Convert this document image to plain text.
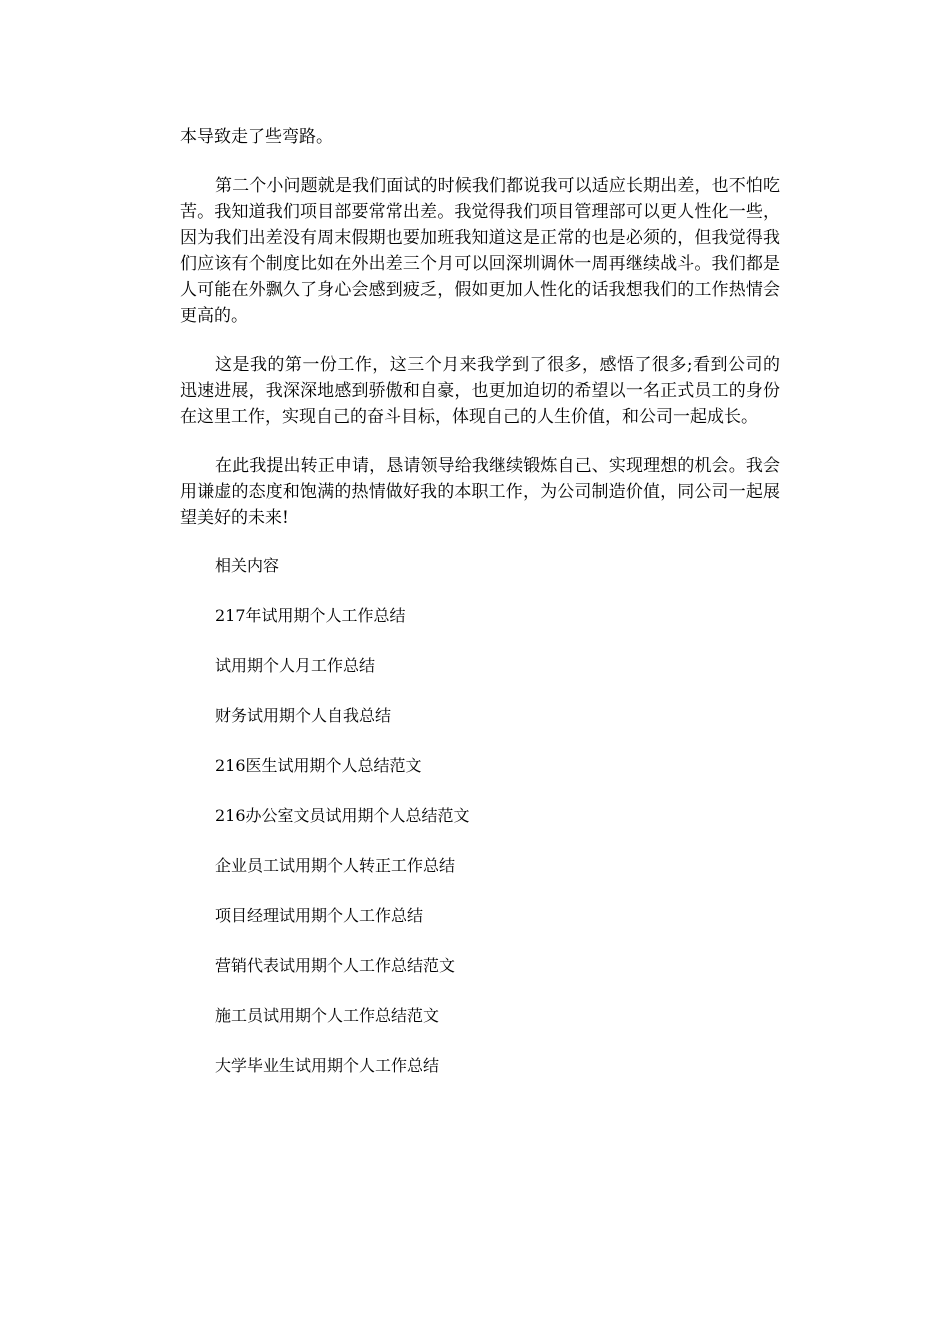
本导致走了些弯路。

第二个小问题就是我们面试的时候我们都说我可以适应长期出差，也不怕吃苦。我知道我们项目部要常常出差。我觉得我们项目管理部可以更人性化一些，因为我们出差没有周末假期也要加班我知道这是正常的也是必须的，但我觉得我们应该有个制度比如在外出差三个月可以回深圳调休一周再继续战斗。我们都是人可能在外飘久了身心会感到疲乏，假如更加人性化的话我想我们的工作热情会更高的。

这是我的第一份工作，这三个月来我学到了很多，感悟了很多;看到公司的迅速进展，我深深地感到骄傲和自豪，也更加迫切的希望以一名正式员工的身份在这里工作，实现自己的奋斗目标，体现自己的人生价值，和公司一起成长。

在此我提出转正申请，恳请领导给我继续锻炼自己、实现理想的机会。我会用谦虚的态度和饱满的热情做好我的本职工作，为公司制造价值，同公司一起展望美好的未来!

相关内容
217年试用期个人工作总结
试用期个人月工作总结
财务试用期个人自我总结
216医生试用期个人总结范文
216办公室文员试用期个人总结范文
企业员工试用期个人转正工作总结
项目经理试用期个人工作总结
营销代表试用期个人工作总结范文
施工员试用期个人工作总结范文
大学毕业生试用期个人工作总结
